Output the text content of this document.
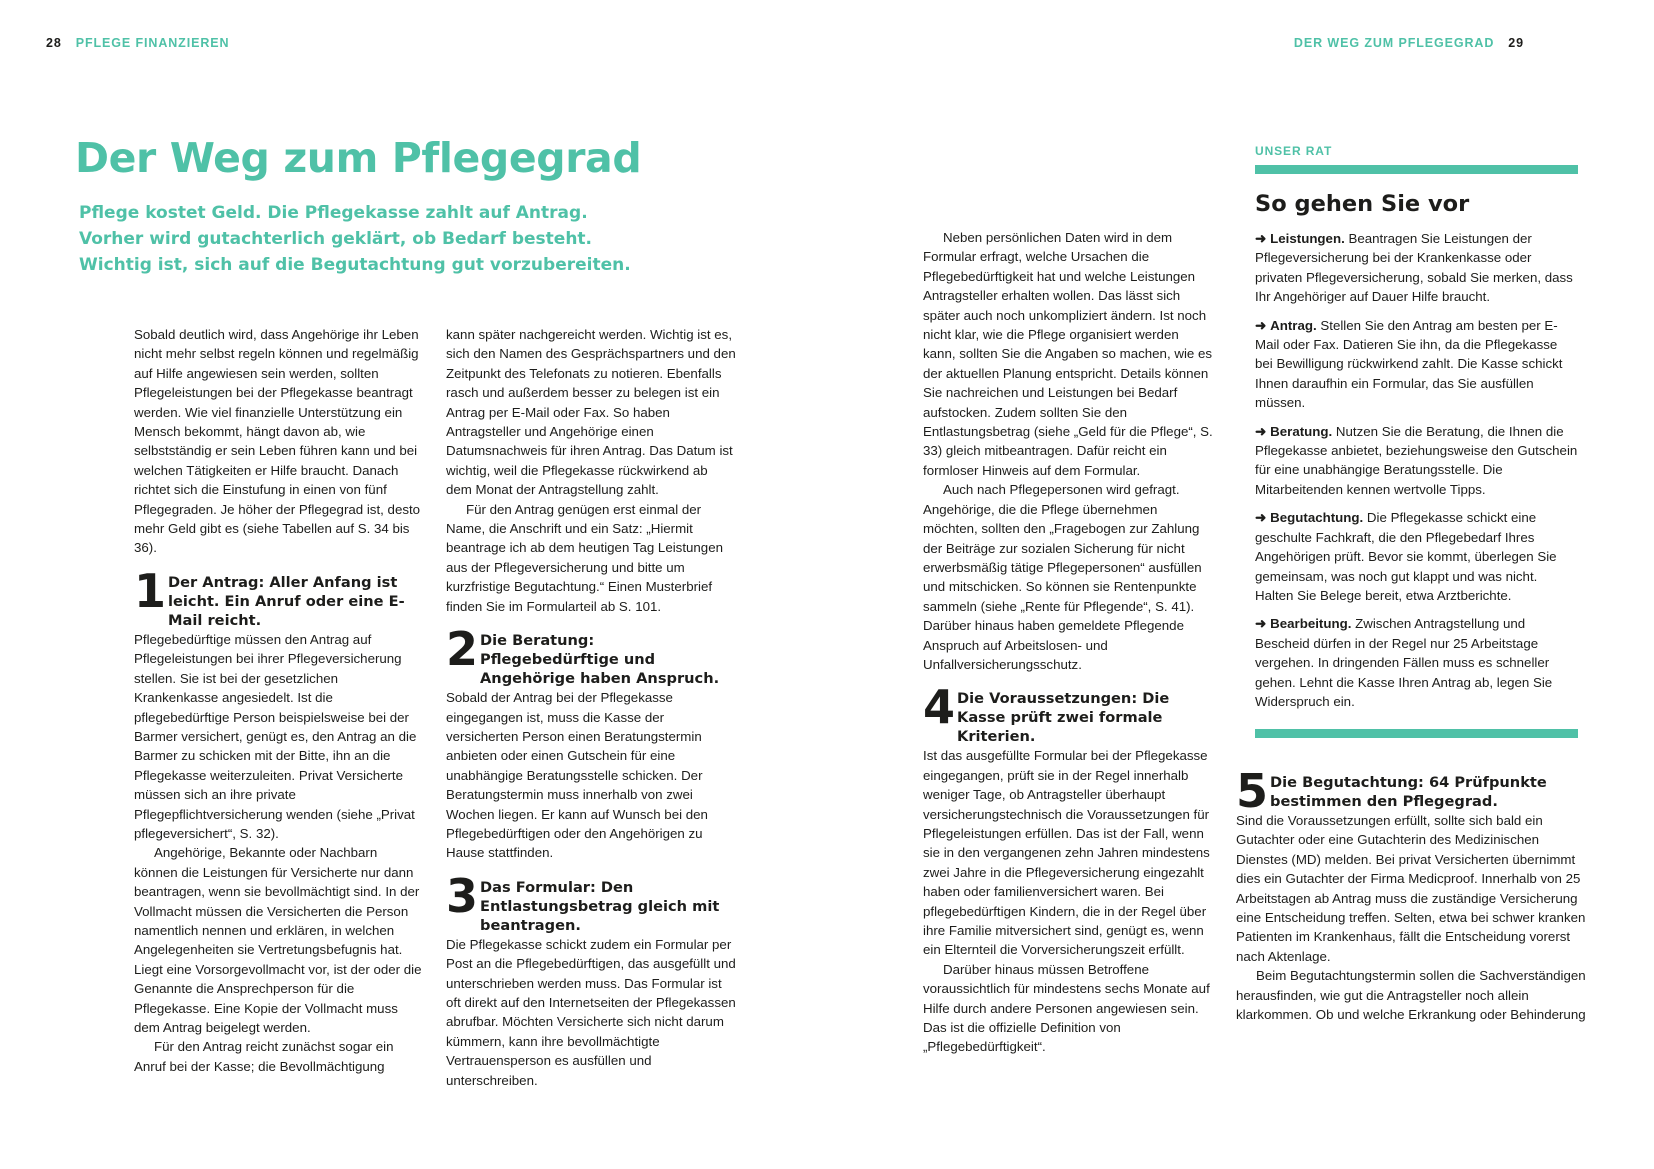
28 PFLEGE FINANZIEREN	DER WEG ZUM PFLEGEGRAD 29
Der Weg zum Pflegegrad

Pflege kostet Geld. Die Pflegekasse zahlt auf Antrag. Vorher wird gutachterlich geklärt, ob Bedarf besteht. Wichtig ist, sich auf die Begutachtung gut vorzubereiten.

Sobald deutlich wird, dass Angehörige ihr Leben nicht mehr selbst regeln können und regelmäßig auf Hilfe angewiesen sein werden, sollten Pflegeleistungen bei der Pflegekasse beantragt werden. Wie viel finanzielle Unterstützung ein Mensch bekommt, hängt davon ab, wie selbstständig er sein Leben führen kann und bei welchen Tätigkeiten er Hilfe braucht. Danach richtet sich die Einstufung in einen von fünf Pflegegraden. Je höher der Pflegegrad ist, desto mehr Geld gibt es (siehe Tabellen auf S. 34 bis 36).

1 Der Antrag: Aller Anfang ist leicht. Ein Anruf oder eine E-Mail reicht.

Pflegebedürftige müssen den Antrag auf Pflegeleistungen bei ihrer Pflegeversicherung stellen. Sie ist bei der gesetzlichen Krankenkasse angesiedelt. Ist die pflegebedürftige Person beispielsweise bei der Barmer versichert, genügt es, den Antrag an die Barmer zu schicken mit der Bitte, ihn an die Pflegekasse weiterzuleiten. Privat Versicherte müssen sich an ihre private Pflegepflichtversicherung wenden (siehe „Privat pflegeversichert“, S. 32).

Angehörige, Bekannte oder Nachbarn können die Leistungen für Versicherte nur dann beantragen, wenn sie bevollmächtigt sind. In der Vollmacht müssen die Versicherten die Person namentlich nennen und erklären, in welchen Angelegenheiten sie Vertretungsbefugnis hat. Liegt eine Vorsorgevollmacht vor, ist der oder die Genannte die Ansprechperson für die Pflegekasse. Eine Kopie der Vollmacht muss dem Antrag beigelegt werden.

Für den Antrag reicht zunächst sogar ein Anruf bei der Kasse; die Bevollmächtigung

kann später nachgereicht werden. Wichtig ist es, sich den Namen des Gesprächspartners und den Zeitpunkt des Telefonats zu notieren. Ebenfalls rasch und außerdem besser zu belegen ist ein Antrag per E-Mail oder Fax. So haben Antragsteller und Angehörige einen Datumsnachweis für ihren Antrag. Das Datum ist wichtig, weil die Pflegekasse rückwirkend ab dem Monat der Antragstellung zahlt.

Für den Antrag genügen erst einmal der Name, die Anschrift und ein Satz: „Hiermit beantrage ich ab dem heutigen Tag Leistungen aus der Pflegeversicherung und bitte um kurzfristige Begutachtung.“ Einen Musterbrief finden Sie im Formularteil ab S. 101.

2 Die Beratung: Pflegebedürftige und Angehörige haben Anspruch.

Sobald der Antrag bei der Pflegekasse eingegangen ist, muss die Kasse der versicherten Person einen Beratungstermin anbieten oder einen Gutschein für eine unabhängige Beratungsstelle schicken. Der Beratungstermin muss innerhalb von zwei Wochen liegen. Er kann auf Wunsch bei den Pflegebedürftigen oder den Angehörigen zu Hause stattfinden.

3 Das Formular: Den Entlastungsbetrag gleich mit beantragen.

Die Pflegekasse schickt zudem ein Formular per Post an die Pflegebedürftigen, das ausgefüllt und unterschrieben werden muss. Das Formular ist oft direkt auf den Internetseiten der Pflegekassen abrufbar. Möchten Versicherte sich nicht darum kümmern, kann ihre bevollmächtigte Vertrauensperson es ausfüllen und unterschreiben.

Neben persönlichen Daten wird in dem Formular erfragt, welche Ursachen die Pflegebedürftigkeit hat und welche Leistungen Antragsteller erhalten wollen. Das lässt sich später auch noch unkompliziert ändern. Ist noch nicht klar, wie die Pflege organisiert werden kann, sollten Sie die Angaben so machen, wie es der aktuellen Planung entspricht. Details können Sie nachreichen und Leistungen bei Bedarf aufstocken. Zudem sollten Sie den Entlastungsbetrag (siehe „Geld für die Pflege“, S. 33) gleich mitbeantragen. Dafür reicht ein formloser Hinweis auf dem Formular.

Auch nach Pflegepersonen wird gefragt. Angehörige, die die Pflege übernehmen möchten, sollten den „Fragebogen zur Zahlung der Beiträge zur sozialen Sicherung für nicht erwerbsmäßig tätige Pflegepersonen“ ausfüllen und mitschicken. So können sie Rentenpunkte sammeln (siehe „Rente für Pflegende“, S. 41). Darüber hinaus haben gemeldete Pflegende Anspruch auf Arbeitslosen- und Unfallversicherungsschutz.

4 Die Voraussetzungen: Die Kasse prüft zwei formale Kriterien.

Ist das ausgefüllte Formular bei der Pflegekasse eingegangen, prüft sie in der Regel innerhalb weniger Tage, ob Antragsteller überhaupt versicherungstechnisch die Voraussetzungen für Pflegeleistungen erfüllen. Das ist der Fall, wenn sie in den vergangenen zehn Jahren mindestens zwei Jahre in die Pflegeversicherung eingezahlt haben oder familienversichert waren. Bei pflegebedürftigen Kindern, die in der Regel über ihre Familie mitversichert sind, genügt es, wenn ein Elternteil die Vorversicherungszeit erfüllt.

Darüber hinaus müssen Betroffene voraussichtlich für mindestens sechs Monate auf Hilfe durch andere Personen angewiesen sein. Das ist die offizielle Definition von „Pflegebedürftigkeit“.

UNSER RAT
So gehen Sie vor
➜ Leistungen. Beantragen Sie Leistungen der Pflegeversicherung bei der Krankenkasse oder privaten Pflegeversicherung, sobald Sie merken, dass Ihr Angehöriger auf Dauer Hilfe braucht.
➜ Antrag. Stellen Sie den Antrag am besten per E-Mail oder Fax. Datieren Sie ihn, da die Pflegekasse bei Bewilligung rückwirkend zahlt. Die Kasse schickt Ihnen daraufhin ein Formular, das Sie ausfüllen müssen.
➜ Beratung. Nutzen Sie die Beratung, die Ihnen die Pflegekasse anbietet, beziehungsweise den Gutschein für eine unabhängige Beratungsstelle. Die Mitarbeitenden kennen wertvolle Tipps.
➜ Begutachtung. Die Pflegekasse schickt eine geschulte Fachkraft, die den Pflegebedarf Ihres Angehörigen prüft. Bevor sie kommt, überlegen Sie gemeinsam, was noch gut klappt und was nicht. Halten Sie Belege bereit, etwa Arztberichte.
➜ Bearbeitung. Zwischen Antragstellung und Bescheid dürfen in der Regel nur 25 Arbeitstage vergehen. In dringenden Fällen muss es schneller gehen. Lehnt die Kasse Ihren Antrag ab, legen Sie Widerspruch ein.
5 Die Begutachtung: 64 Prüfpunkte bestimmen den Pflegegrad.

Sind die Voraussetzungen erfüllt, sollte sich bald ein Gutachter oder eine Gutachterin des Medizinischen Dienstes (MD) melden. Bei privat Versicherten übernimmt dies ein Gutachter der Firma Medicproof. Innerhalb von 25 Arbeitstagen ab Antrag muss die zuständige Versicherung eine Entscheidung treffen. Selten, etwa bei schwer kranken Patienten im Krankenhaus, fällt die Entscheidung vorerst nach Aktenlage.

Beim Begutachtungstermin sollen die Sachverständigen herausfinden, wie gut die Antragsteller noch allein klarkommen. Ob und welche Erkrankung oder Behinderung
